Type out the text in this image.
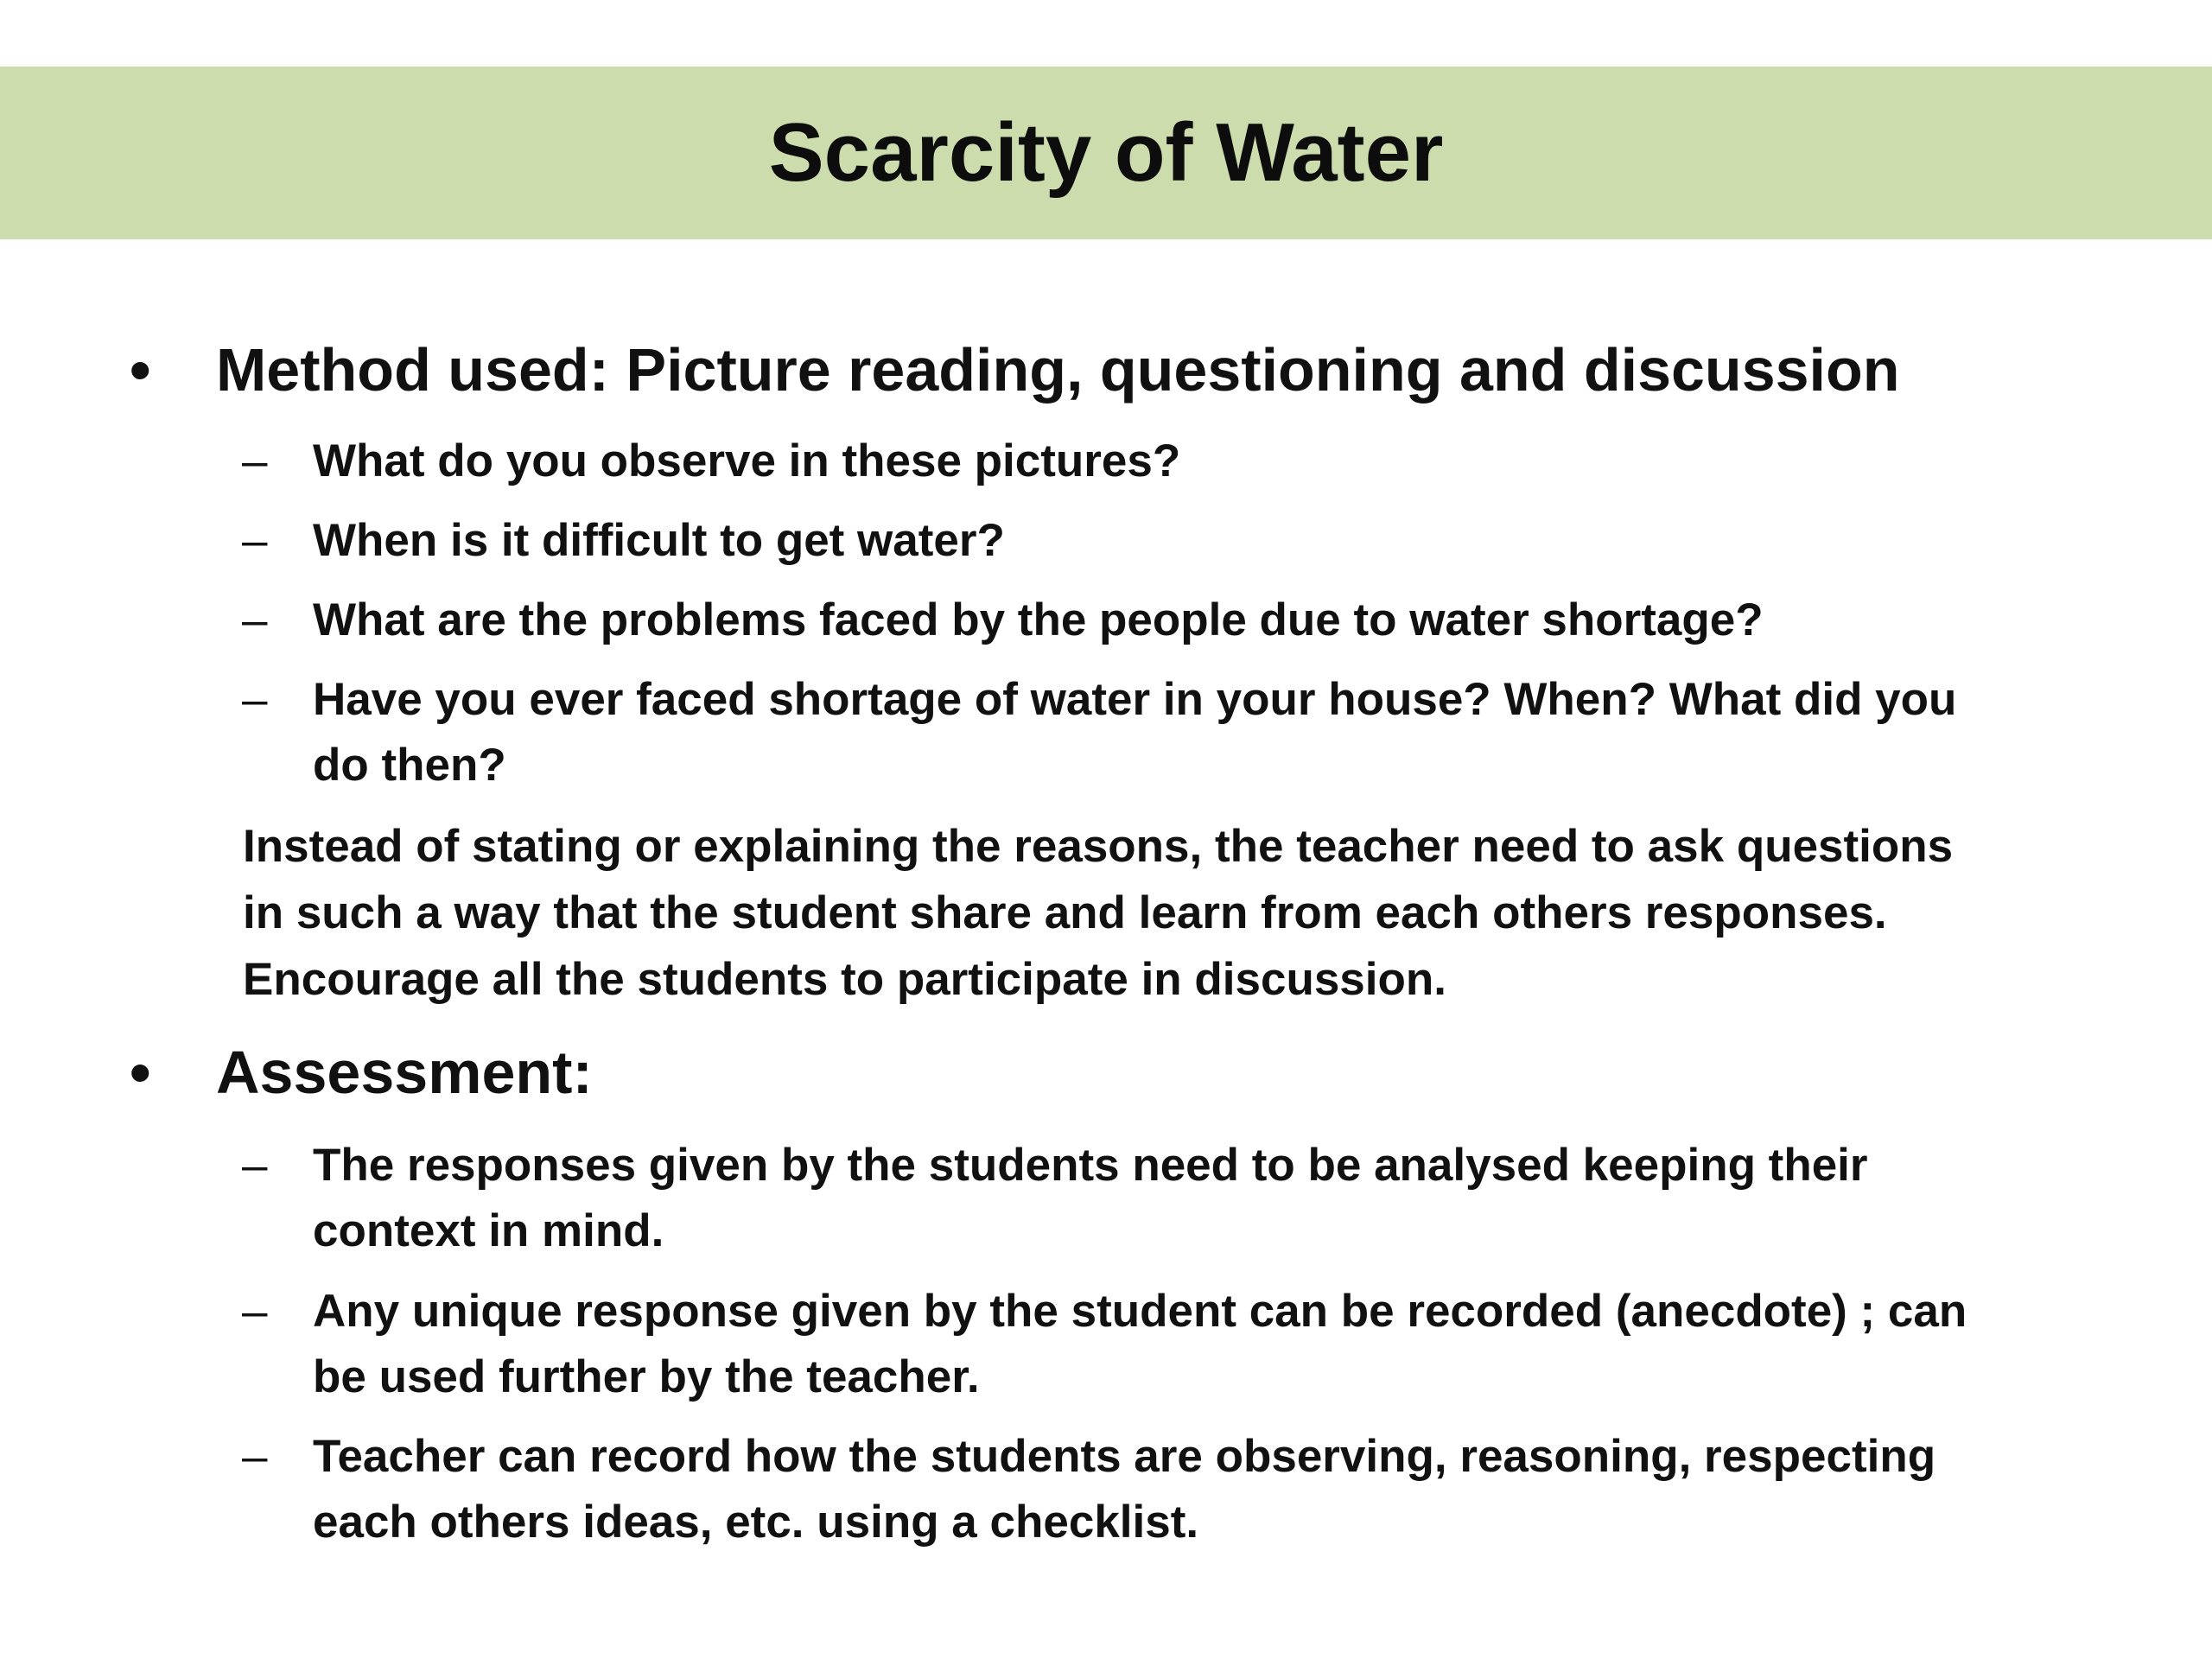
Scarcity of Water
• Method used: Picture reading, questioning and discussion
– What do you observe in these pictures?
– When is it difficult to get water?
– What are the problems faced by the people due to water shortage?
– Have you ever faced shortage of water in your house? When? What did you
do then?
Instead of stating or explaining the reasons, the teacher need to ask questions
in such a way that the student share and learn from each others responses.
Encourage all the students to participate in discussion.
• Assessment:
– The responses given by the students need to be analysed keeping their
context in mind.
– Any unique response given by the student can be recorded (anecdote) ; can
be used further by the teacher.
– Teacher can record how the students are observing, reasoning, respecting
each others ideas, etc. using a checklist.
